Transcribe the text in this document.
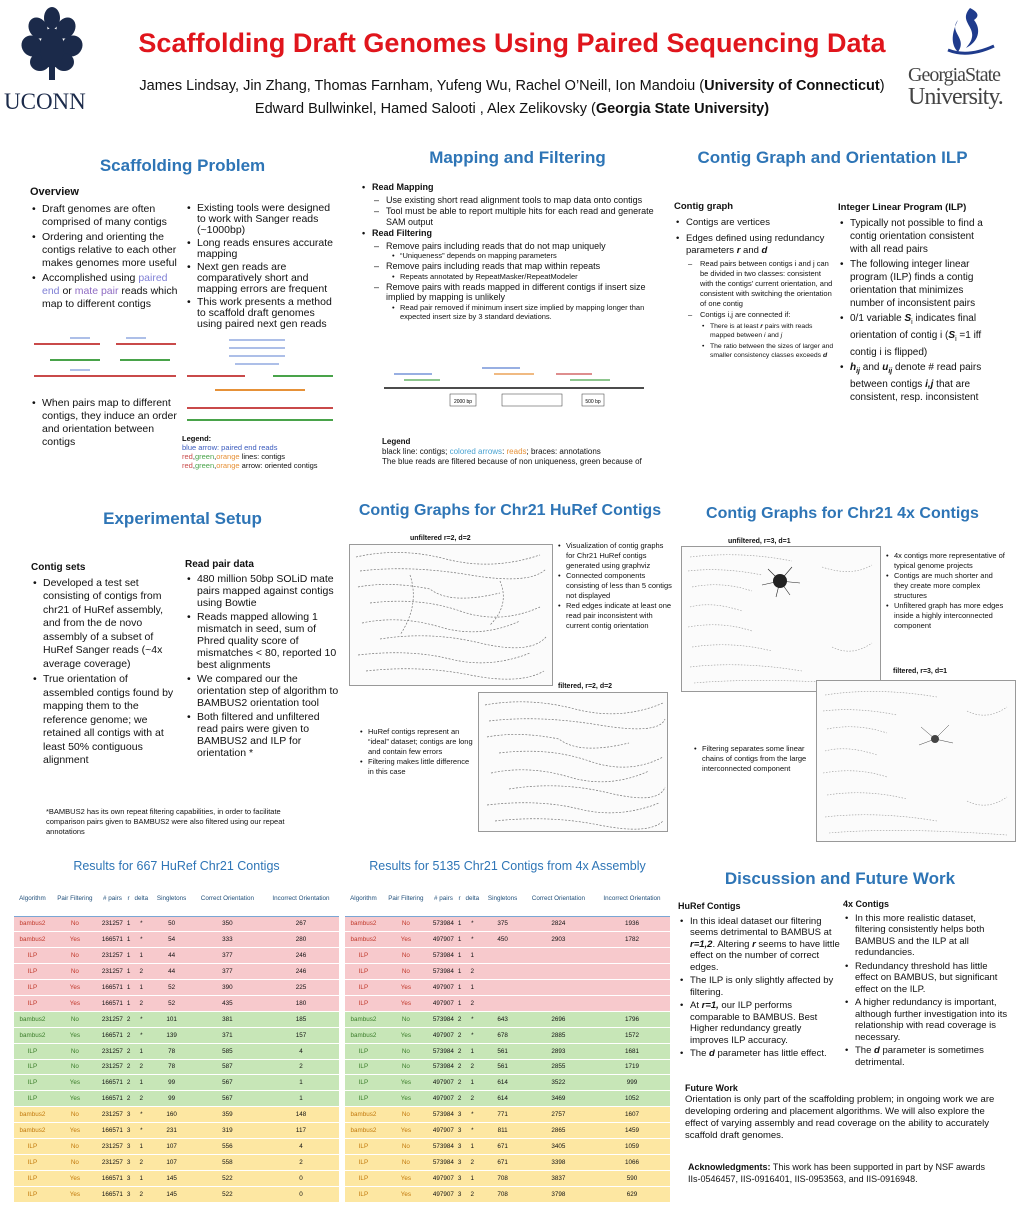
UCONN
Scaffolding Draft Genomes Using Paired Sequencing Data
James Lindsay, Jin Zhang, Thomas Farnham, Yufeng Wu, Rachel O’Neill, Ion Mandoiu (University of Connecticut)
Edward Bullwinkel, Hamed Salooti , Alex Zelikovsky (Georgia State University)
GeorgiaState
University.
Scaffolding Problem
Overview
• Draft genomes are often comprised of many contigs
• Ordering and orienting the contigs relative to each other makes genomes more useful
• Accomplished using paired end or mate pair reads which map to different contigs
• When pairs map to different contigs, they induce an order and orientation between contigs
• Existing tools were designed to work with Sanger reads (~1000bp)
• Long reads ensures accurate mapping
• Next gen reads are comparatively short and mapping errors are frequent
• This work presents a method to scaffold draft genomes using paired next gen reads
Legend:
blue arrow: paired end reads
red,green,orange lines: contigs
red,green,orange arrow: oriented contigs
Mapping and Filtering
• Read Mapping
– Use existing short read alignment tools to map data onto contigs
– Tool must be able to report multiple hits for each read and generate SAM output
• Read Filtering
– Remove pairs including reads that do not map uniquely
• “Uniqueness” depends on mapping parameters
– Remove pairs including reads that map within repeats
• Repeats annotated by RepeatMasker/RepeatModeler
– Remove pairs with reads mapped in different contigs if insert size implied by mapping is unlikely
• Read pair removed if minimum insert size implied by mapping longer than expected insert size by 3 standard deviations.
2000 bp	500 bp
Legend
black line: contigs; colored arrows: reads; braces: annotations
The blue reads are filtered because of non uniqueness, green because of
Contig Graph and Orientation ILP
Contig graph
• Contigs are vertices
• Edges defined using redundancy parameters r and d
– Read pairs between contigs i and j can be divided in two classes: consistent with the contigs’ current orientation, and consistent with switching the orientation of one contig
– Contigs i,j are connected if:
• There is at least r pairs with reads mapped between i and j
• The ratio between the sizes of larger and smaller consistency classes exceeds d
Integer Linear Program (ILP)
• Typically not possible to find a contig orientation consistent with all read pairs
• The following integer linear program (ILP) finds a contig orientation that minimizes number of inconsistent pairs
• 0/1 variable $S_i$ indicates final orientation of contig i ($S_i =1$ iff contig i is flipped)
• $h_{ij}$ and $u_{ij}$ denote # read pairs between contigs i,j that are consistent, resp. inconsistent
Experimental Setup
Contig sets
• Developed a test set consisting of contigs from chr21 of HuRef assembly, and from the de novo assembly of a subset of HuRef Sanger reads (~4x average coverage)
• True orientation of assembled contigs found by mapping them to the reference genome; we retained all contigs with at least 50% contiguous alignment
Read pair data
• 480 million 50bp SOLiD mate pairs mapped against contigs using Bowtie
• Reads mapped allowing 1 mismatch in seed, sum of Phred quality score of mismatches < 80, reported 10 best alignments
• We compared our the orientation step of algorithm to BAMBUS2 orientation tool
• Both filtered and unfiltered read pairs were given to BAMBUS2 and ILP for orientation *
*BAMBUS2 has its own repeat filtering capabilities, in order to facilitate comparison pairs given to BAMBUS2 were also filtered using our repeat annotations
Contig Graphs for Chr21 HuRef Contigs
unfiltered r=2, d=2
• Visualization of contig graphs for Chr21 HuRef contigs generated using graphviz
• Connected components consisting of less than 5 contigs not displayed
• Red edges indicate at least one read pair inconsistent with current contig orientation
filtered, r=2, d=2
• HuRef contigs represent an “ideal” dataset; contigs are long and contain few errors
• Filtering makes little difference in this case
Contig Graphs for Chr21 4x Contigs
unfiltered, r=3, d=1
• 4x contigs more representative of typical genome projects
• Contigs are much shorter and they create more complex structures
• Unfiltered graph has more edges inside a highly interconnected component
filtered, r=3, d=1
• Filtering separates some linear chains of contigs from the large interconnected component
Results for 667 HuRef Chr21 Contigs
Algorithm	Pair Filtering	# pairs	r	delta	Singletons	Correct Orientation	Incorrect Orientation
bambus2	No	231257	1	*	50	350	267
bambus2	Yes	166571	1	*	54	333	280
ILP	No	231257	1	1	44	377	246
ILP	No	231257	1	2	44	377	246
ILP	Yes	166571	1	1	52	390	225
ILP	Yes	166571	1	2	52	435	180
bambus2	No	231257	2	*	101	381	185
bambus2	Yes	166571	2	*	139	371	157
ILP	No	231257	2	1	78	585	4
ILP	No	231257	2	2	78	587	2
ILP	Yes	166571	2	1	99	567	1
ILP	Yes	166571	2	2	99	567	1
bambus2	No	231257	3	*	160	359	148
bambus2	Yes	166571	3	*	231	319	117
ILP	No	231257	3	1	107	556	4
ILP	No	231257	3	2	107	558	2
ILP	Yes	166571	3	1	145	522	0
ILP	Yes	166571	3	2	145	522	0
Results for 5135 Chr21 Contigs from 4x Assembly
Algorithm	Pair Filtering	# pairs	r	delta	Singletons	Correct Orientation	Incorrect Orientation
bambus2	No	573984	1	*	375	2824	1936
bambus2	Yes	497907	1	*	450	2903	1782
ILP	No	573984	1	1			
ILP	No	573984	1	2			
ILP	Yes	497907	1	1			
ILP	Yes	497907	1	2			
bambus2	No	573984	2	*	643	2696	1796
bambus2	Yes	497907	2	*	678	2885	1572
ILP	No	573984	2	1	561	2893	1681
ILP	No	573984	2	2	561	2855	1719
ILP	Yes	497907	2	1	614	3522	999
ILP	Yes	497907	2	2	614	3469	1052
bambus2	No	573984	3	*	771	2757	1607
bambus2	Yes	497907	3	*	811	2865	1459
ILP	No	573984	3	1	671	3405	1059
ILP	No	573984	3	2	671	3398	1066
ILP	Yes	497907	3	1	708	3837	590
ILP	Yes	497907	3	2	708	3798	629
Discussion and Future Work
HuRef Contigs
• In this ideal dataset our filtering seems detrimental to BAMBUS at r=1,2. Altering r seems to have little effect on the number of correct edges.
• The ILP is only slightly affected by filtering.
• At r=1, our ILP performs comparable to BAMBUS. Best Higher redundancy greatly improves ILP accuracy.
• The d parameter has little effect.
4x Contigs
• In this more realistic dataset, filtering consistently helps both BAMBUS and the ILP at all redundancies.
• Redundancy threshold has little effect on BAMBUS, but significant effect on the ILP.
• A higher redundancy is important, although further investigation into its relationship with read coverage is necessary.
• The d parameter is sometimes detrimental.
Future Work
Orientation is only part of the scaffolding problem; in ongoing work we are developing ordering and placement algorithms. We will also explore the effect of varying assembly and read coverage on the ability to accurately scaffold draft genomes.
Acknowledgments: This work has been supported in part by NSF awards IIs-0546457, IIS-0916401, IIS-0953563, and IIS-0916948.
